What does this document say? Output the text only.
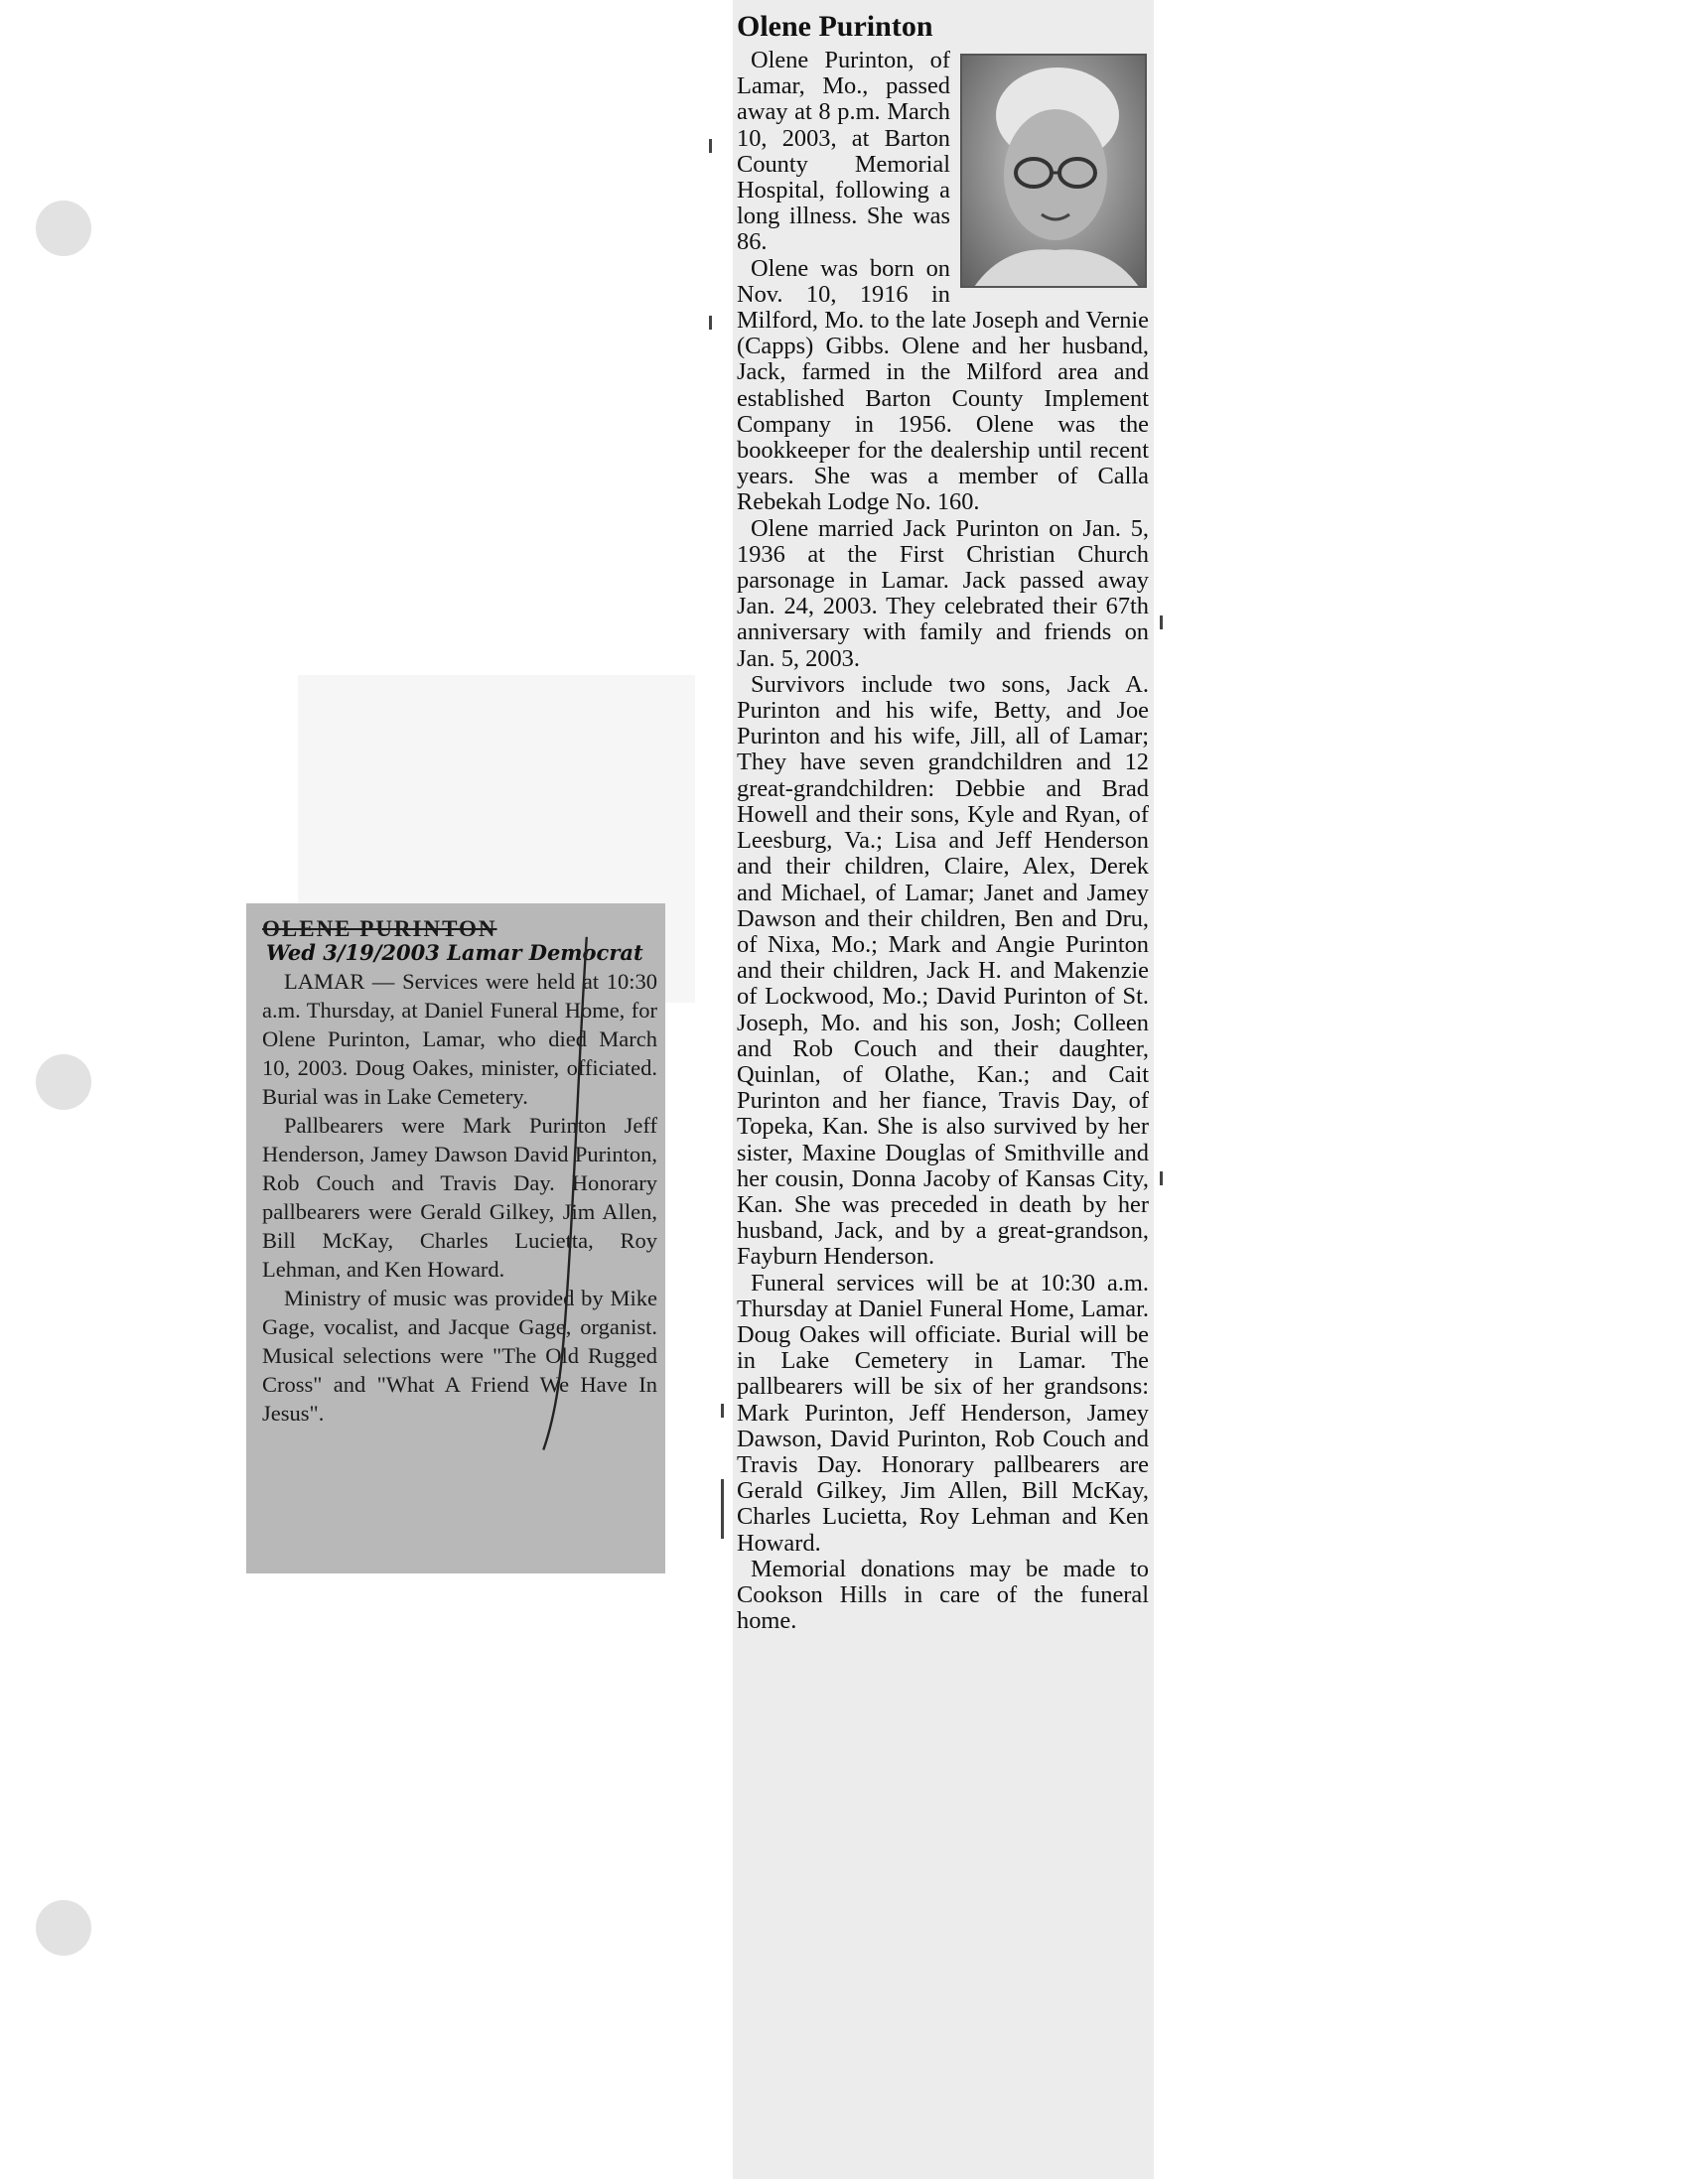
OLENE PURINTON
Wed 3/19/2003 Lamar Democrat

LAMAR — Services were held at 10:30 a.m. Thursday, at Daniel Funeral Home, for Olene Purinton, Lamar, who died March 10, 2003. Doug Oakes, minister, officiated. Burial was in Lake Cemetery.

Pallbearers were Mark Purinton Jeff Henderson, Jamey Dawson David Purinton, Rob Couch and Travis Day. Honorary pallbearers were Gerald Gilkey, Jim Allen, Bill McKay, Charles Lucietta, Roy Lehman, and Ken Howard.

Ministry of music was provided by Mike Gage, vocalist, and Jacque Gage, organist. Musical selections were "The Old Rugged Cross" and "What A Friend We Have In Jesus".

Olene Purinton

Olene Purinton, of Lamar, Mo., passed away at 8 p.m. March 10, 2003, at Barton County Memorial Hospital, following a long illness. She was 86.

Olene was born on Nov. 10, 1916 in Milford, Mo. to the late Joseph and Vernie (Capps) Gibbs. Olene and her husband, Jack, farmed in the Milford area and established Barton County Implement Company in 1956. Olene was the bookkeeper for the dealership until recent years. She was a member of Calla Rebekah Lodge No. 160.

Olene married Jack Purinton on Jan. 5, 1936 at the First Christian Church parsonage in Lamar. Jack passed away Jan. 24, 2003. They celebrated their 67th anniversary with family and friends on Jan. 5, 2003.

Survivors include two sons, Jack A. Purinton and his wife, Betty, and Joe Purinton and his wife, Jill, all of Lamar; They have seven grandchildren and 12 great-grandchildren: Debbie and Brad Howell and their sons, Kyle and Ryan, of Leesburg, Va.; Lisa and Jeff Henderson and their children, Claire, Alex, Derek and Michael, of Lamar; Janet and Jamey Dawson and their children, Ben and Dru, of Nixa, Mo.; Mark and Angie Purinton and their children, Jack H. and Makenzie of Lockwood, Mo.; David Purinton of St. Joseph, Mo. and his son, Josh; Colleen and Rob Couch and their daughter, Quinlan, of Olathe, Kan.; and Cait Purinton and her fiance, Travis Day, of Topeka, Kan. She is also survived by her sister, Maxine Douglas of Smithville and her cousin, Donna Jacoby of Kansas City, Kan. She was preceded in death by her husband, Jack, and by a great-grandson, Fayburn Henderson.

Funeral services will be at 10:30 a.m. Thursday at Daniel Funeral Home, Lamar. Doug Oakes will officiate. Burial will be in Lake Cemetery in Lamar. The pallbearers will be six of her grandsons: Mark Purinton, Jeff Henderson, Jamey Dawson, David Purinton, Rob Couch and Travis Day. Honorary pallbearers are Gerald Gilkey, Jim Allen, Bill McKay, Charles Lucietta, Roy Lehman and Ken Howard.

Memorial donations may be made to Cookson Hills in care of the funeral home.
